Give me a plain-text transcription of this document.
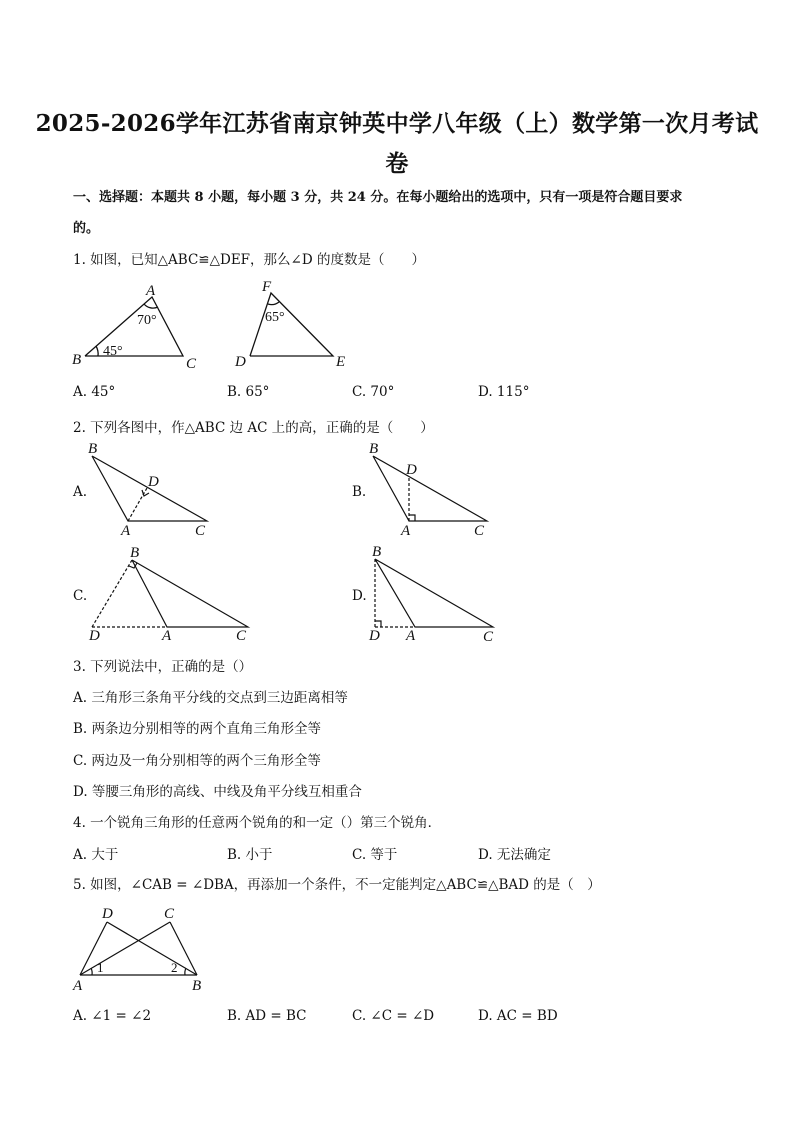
2025-2026学年江苏省南京钟英中学八年级（上）数学第一次月考试
卷
一、选择题：本题共 8 小题，每小题 3 分，共 24 分。在每小题给出的选项中，只有一项是符合题目要求
的。
1. 如图，已知△ABC≌△DEF，那么∠D 的度数是（　　）
A
B	C
70°
45°
F
D	E
65°
A. 45°	B. 65°	C. 70°	D. 115°
2. 下列各图中，作△ABC 边 AC 上的高，正确的是（　　）
B
D
A	C
B
D
A	C
B
D	A	C
B
D A	C
A.	B.
C.	D.
3. 下列说法中，正确的是（）
A. 三角形三条角平分线的交点到三边距离相等
B. 两条边分别相等的两个直角三角形全等
C. 两边及一角分别相等的两个三角形全等
D. 等腰三角形的高线、中线及角平分线互相重合
4. 一个锐角三角形的任意两个锐角的和一定（）第三个锐角．
A. 大于	B. 小于	C. 等于	D. 无法确定
5. 如图，∠CAB = ∠DBA，再添加一个条件，不一定能判定△ABC≌△BAD 的是（　）
D	C
A	B
1	2
A. ∠1 = ∠2	B. AD = BC	C. ∠C = ∠D	D. AC = BD
